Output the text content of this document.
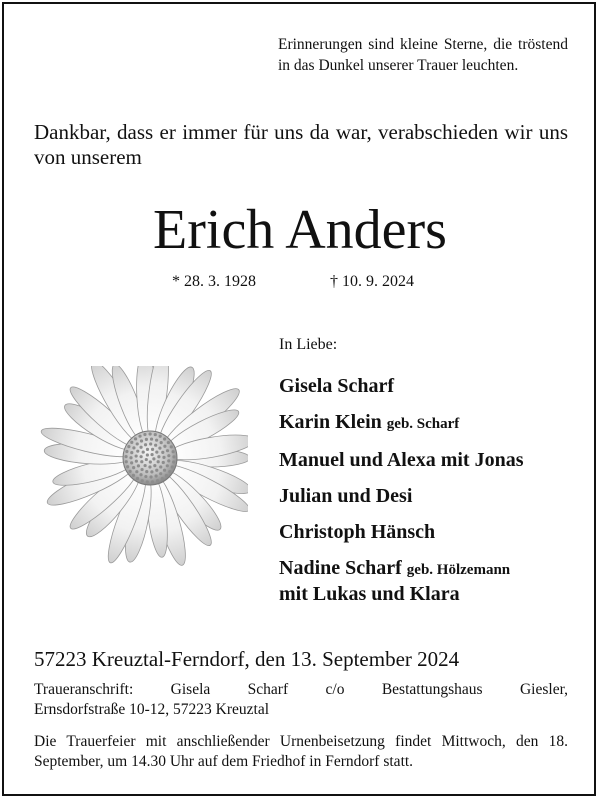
Erinnerungen sind kleine Sterne, die tröstend in das Dunkel unserer Trauer leuchten.
Dankbar, dass er immer für uns da war, verabschieden wir uns von unserem
Erich Anders
* 28. 3. 1928	† 10. 9. 2024
In Liebe:
Gisela Scharf
Karin Klein geb. Scharf
Manuel und Alexa mit Jonas
Julian und Desi
Christoph Hänsch
Nadine Scharf geb. Hölzemann
mit Lukas und Klara
57223 Kreuztal-Ferndorf, den 13. September 2024
Traueranschrift: Gisela Scharf c/o Bestattungshaus Giesler,
Ernsdorfstraße 10-12, 57223 Kreuztal
Die Trauerfeier mit anschließender Urnenbeisetzung findet Mittwoch, den 18. September, um 14.30 Uhr auf dem Friedhof in Ferndorf statt.
